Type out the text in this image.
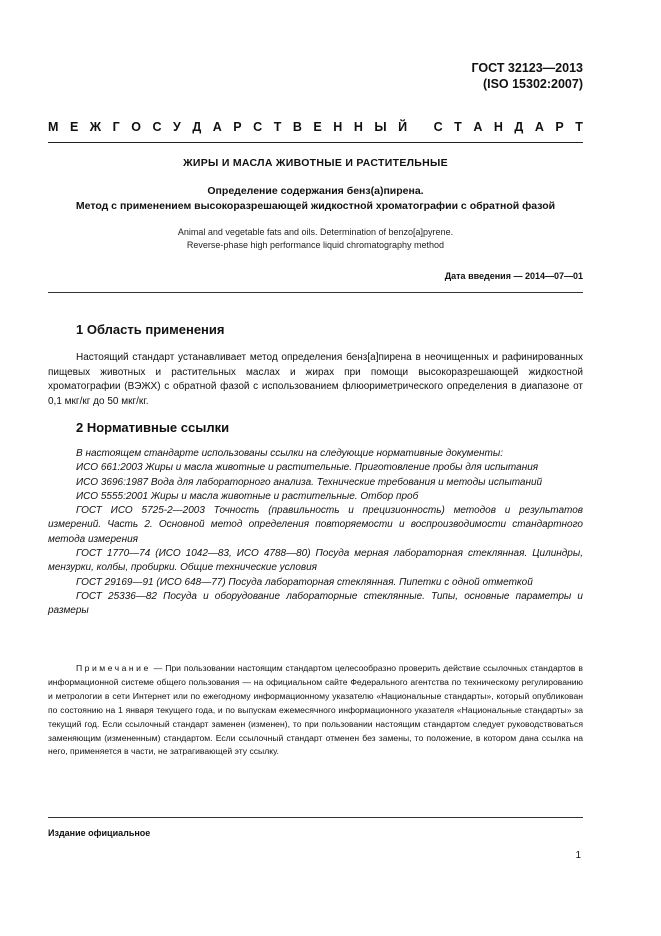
ГОСТ 32123—2013
(ISO 15302:2007)
М Е Ж Г О С У Д А Р С Т В Е Н Н Ы Й
С Т А Н Д А Р Т
ЖИРЫ И МАСЛА ЖИВОТНЫЕ И РАСТИТЕЛЬНЫЕ
Определение содержания бенз(а)пирена.
Метод с применением высокоразрешающей жидкостной хроматографии с обратной фазой
Animal and vegetable fats and oils. Determination of benzo[a]pyrene.
Reverse-phase high performance liquid chromatography method
Дата введения — 2014—07—01
1 Область применения

Настоящий стандарт устанавливает метод определения бенз[а]пирена в неочищенных и рафинированных пищевых животных и растительных маслах и жирах при помощи высокоразрешающей жидкостной хроматографии (ВЭЖХ) с обратной фазой с использованием флюориметрического определения в диапазоне от 0,1 мкг/кг до 50 мкг/кг.

2 Нормативные ссылки
В настоящем стандарте использованы ссылки на следующие нормативные документы:
ИСО 661:2003 Жиры и масла животные и растительные. Приготовление пробы для испытания
ИСО 3696:1987 Вода для лабораторного анализа. Технические требования и методы испытаний
ИСО 5555:2001 Жиры и масла животные и растительные. Отбор проб
ГОСТ ИСО 5725-2—2003 Точность (правильность и прецизионность) методов и результатов измерений. Часть 2. Основной метод определения повторяемости и воспроизводимости стандартного метода измерения
ГОСТ 1770—74 (ИСО 1042—83, ИСО 4788—80) Посуда мерная лабораторная стеклянная. Цилиндры, мензурки, колбы, пробирки. Общие технические условия
ГОСТ 29169—91 (ИСО 648—77) Посуда лабораторная стеклянная. Пипетки с одной отметкой
ГОСТ 25336—82 Посуда и оборудование лабораторные стеклянные. Типы, основные параметры и размеры
Примечание — При пользовании настоящим стандартом целесообразно проверить действие ссылочных стандартов в информационной системе общего пользования — на официальном сайте Федерального агентства по техническому регулированию и метрологии в сети Интернет или по ежегодному информационному указателю «Национальные стандарты», который опубликован по состоянию на 1 января текущего года, и по выпускам ежемесячного информационного указателя «Национальные стандарты» за текущий год. Если ссылочный стандарт заменен (изменен), то при пользовании настоящим стандартом следует руководствоваться заменяющим (измененным) стандартом. Если ссылочный стандарт отменен без замены, то положение, в котором дана ссылка на него, применяется в части, не затрагивающей эту ссылку.
Издание официальное
1
